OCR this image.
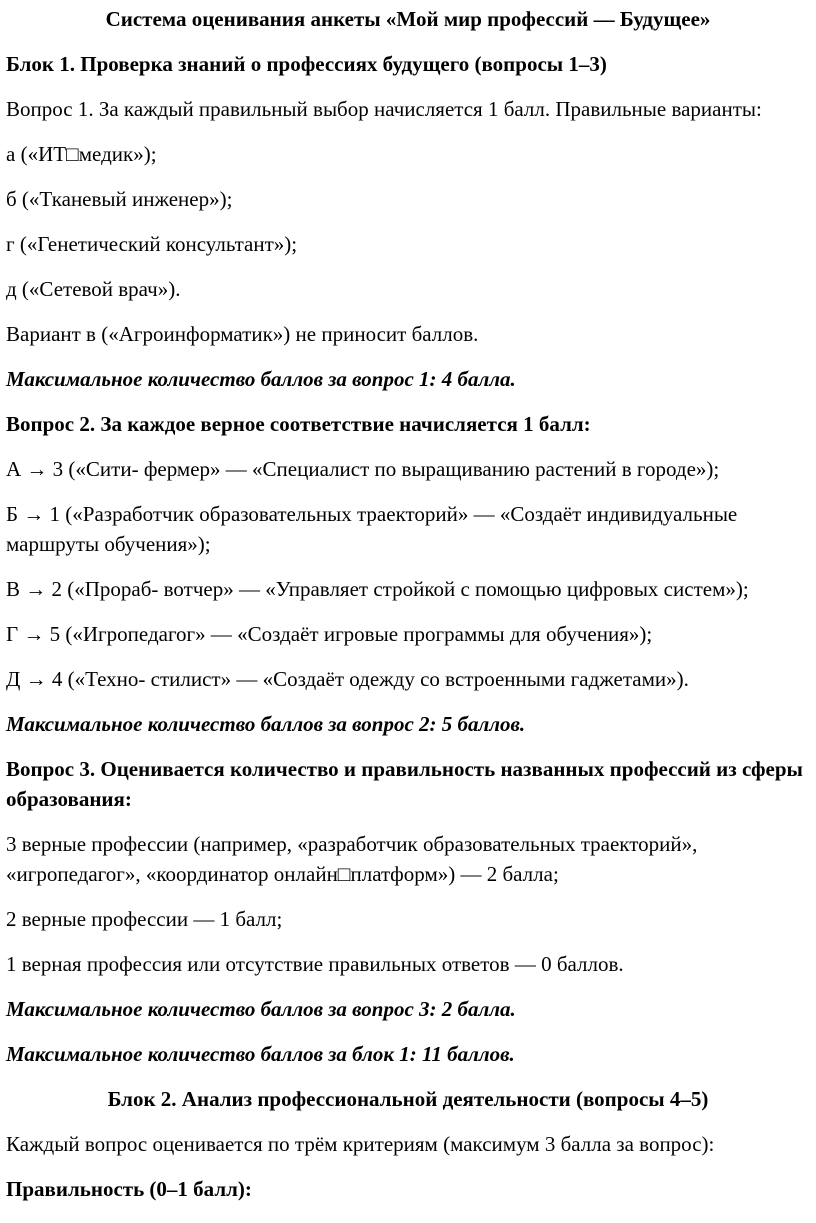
Система оценивания анкеты «Мой мир профессий — Будущее»
Блок 1. Проверка знаний о профессиях будущего (вопросы 1–3)
Вопрос 1. За каждый правильный выбор начисляется 1 балл. Правильные варианты:
а («ИТ□медик»);
б («Тканевый инженер»);
г («Генетический консультант»);
д («Сетевой врач»).
Вариант в («Агроинформатик») не приносит баллов.
Максимальное количество баллов за вопрос 1: 4 балла.
Вопрос 2. За каждое верное соответствие начисляется 1 балл:
А → 3 («Сити‑ фермер» — «Специалист по выращиванию растений в городе»);
Б → 1 («Разработчик образовательных траекторий» — «Создаёт индивидуальные маршруты обучения»);
В → 2 («Прораб‑ вотчер» — «Управляет стройкой с помощью цифровых систем»);
Г → 5 («Игропедагог» — «Создаёт игровые программы для обучения»);
Д → 4 («Техно‑ стилист» — «Создаёт одежду со встроенными гаджетами»).
Максимальное количество баллов за вопрос 2: 5 баллов.
Вопрос 3. Оценивается количество и правильность названных профессий из сферы образования:
3 верные профессии (например, «разработчик образовательных траекторий», «игропедагог», «координатор онлайн□платформ») — 2 балла;
2 верные профессии — 1 балл;
1 верная профессия или отсутствие правильных ответов — 0 баллов.
Максимальное количество баллов за вопрос 3: 2 балла.
Максимальное количество баллов за блок 1: 11 баллов.
Блок 2. Анализ профессиональной деятельности (вопросы 4–5)
Каждый вопрос оценивается по трём критериям (максимум 3 балла за вопрос):
Правильность (0–1 балл):
